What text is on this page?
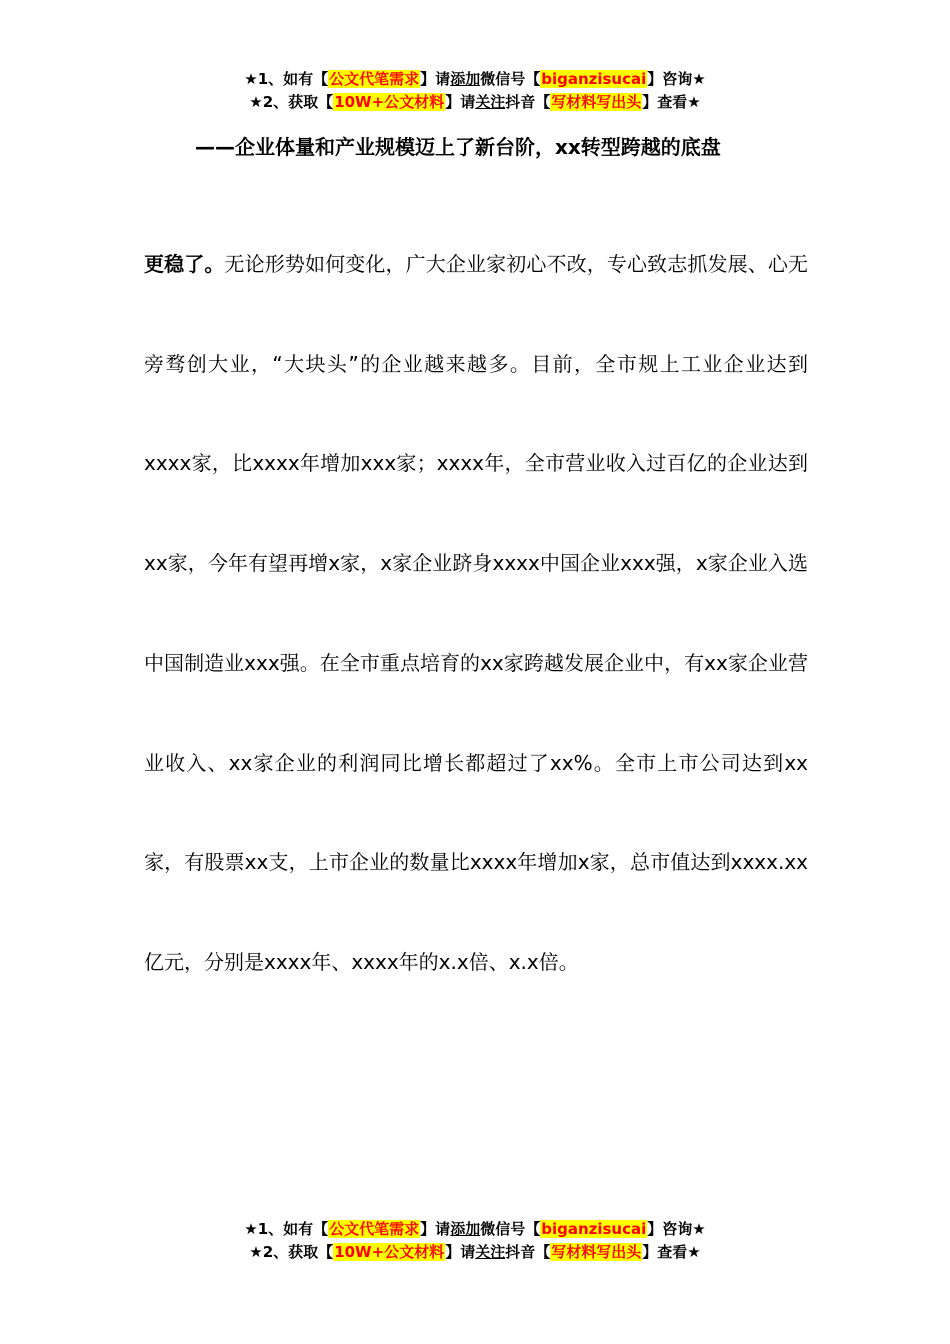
★1、如有【公文代笔需求】请添加微信号【biganzisucai】咨询★
★2、获取【10W+公文材料】请关注抖音【写材料写出头】查看★
——企业体量和产业规模迈上了新台阶，xx转型跨越的底盘

更稳了。无论形势如何变化，广大企业家初心不改，专心致志抓发展、心无旁骛创大业，“大块头”的企业越来越多。目前，全市规上工业企业达到xxxx家，比xxxx年增加xxx家；xxxx年，全市营业收入过百亿的企业达到xx家，今年有望再增x家，x家企业跻身xxxx中国企业xxx强，x家企业入选中国制造业xxx强。在全市重点培育的xx家跨越发展企业中，有xx家企业营业收入、xx家企业的利润同比增长都超过了xx%。全市上市公司达到xx家，有股票xx支，上市企业的数量比xxxx年增加x家，总市值达到xxxx.xx亿元，分别是xxxx年、xxxx年的x.x倍、x.x倍。

★1、如有【公文代笔需求】请添加微信号【biganzisucai】咨询★
★2、获取【10W+公文材料】请关注抖音【写材料写出头】查看★
